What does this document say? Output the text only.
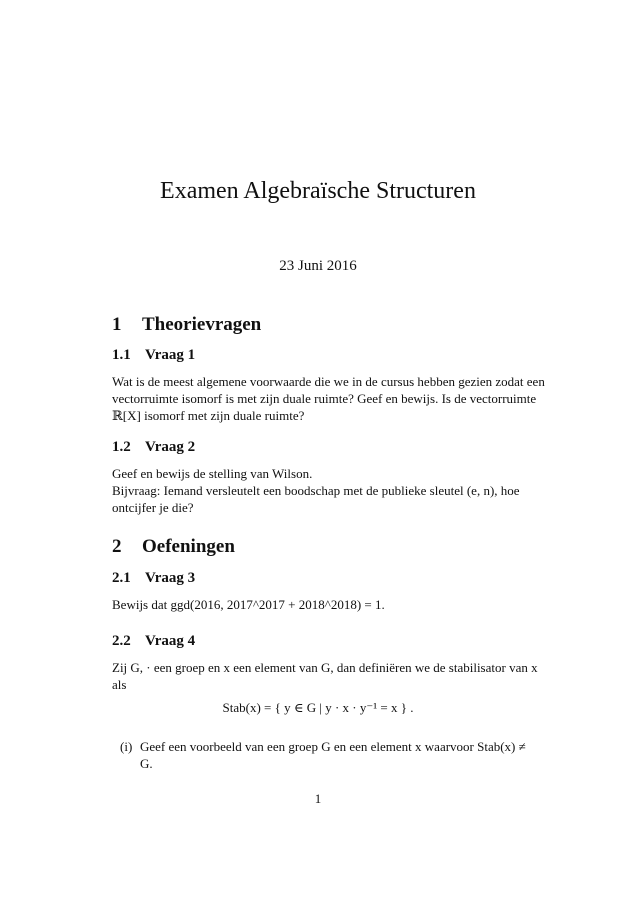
Examen Algebraïsche Structuren
23 Juni 2016
1 Theorievragen
1.1 Vraag 1
Wat is de meest algemene voorwaarde die we in de cursus hebben gezien zodat een
vectorruimte isomorf is met zijn duale ruimte? Geef en bewijs. Is de vectorruimte
ℝ[X] isomorf met zijn duale ruimte?
1.2 Vraag 2
Geef en bewijs de stelling van Wilson.
Bijvraag: Iemand versleutelt een boodschap met de publieke sleutel (e, n), hoe
ontcijfer je die?
2 Oefeningen
2.1 Vraag 3
Bewijs dat ggd(2016, 2017^2017 + 2018^2018) = 1.
2.2 Vraag 4
Zij G, · een groep en x een element van G, dan definiëren we de stabilisator van x
als
Stab(x) = { y ∈ G | y · x · y⁻¹ = x } .
(i) Geef een voorbeeld van een groep G en een element x waarvoor Stab(x) ≠
G.
1
